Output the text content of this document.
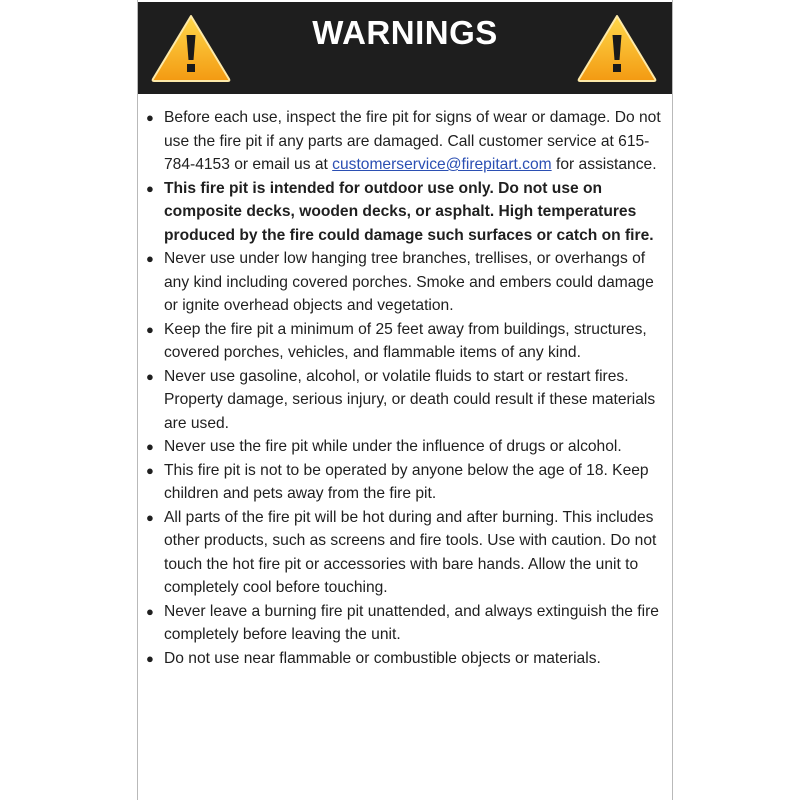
WARNINGS
● Before each use, inspect the fire pit for signs of wear or damage. Do not use the fire pit if any parts are damaged. Call customer service at 615-784-4153 or email us at customerservice@firepitart.com for assistance.
● This fire pit is intended for outdoor use only. Do not use on composite decks, wooden decks, or asphalt. High temperatures produced by the fire could damage such surfaces or catch on fire.
● Never use under low hanging tree branches, trellises, or overhangs of any kind including covered porches. Smoke and embers could damage or ignite overhead objects and vegetation.
● Keep the fire pit a minimum of 25 feet away from buildings, structures, covered porches, vehicles, and flammable items of any kind.
● Never use gasoline, alcohol, or volatile fluids to start or restart fires. Property damage, serious injury, or death could result if these materials are used.
● Never use the fire pit while under the influence of drugs or alcohol.
● This fire pit is not to be operated by anyone below the age of 18. Keep children and pets away from the fire pit.
● All parts of the fire pit will be hot during and after burning. This includes other products, such as screens and fire tools. Use with caution. Do not touch the hot fire pit or accessories with bare hands. Allow the unit to completely cool before touching.
● Never leave a burning fire pit unattended, and always extinguish the fire completely before leaving the unit.
● Do not use near flammable or combustible objects or materials.
